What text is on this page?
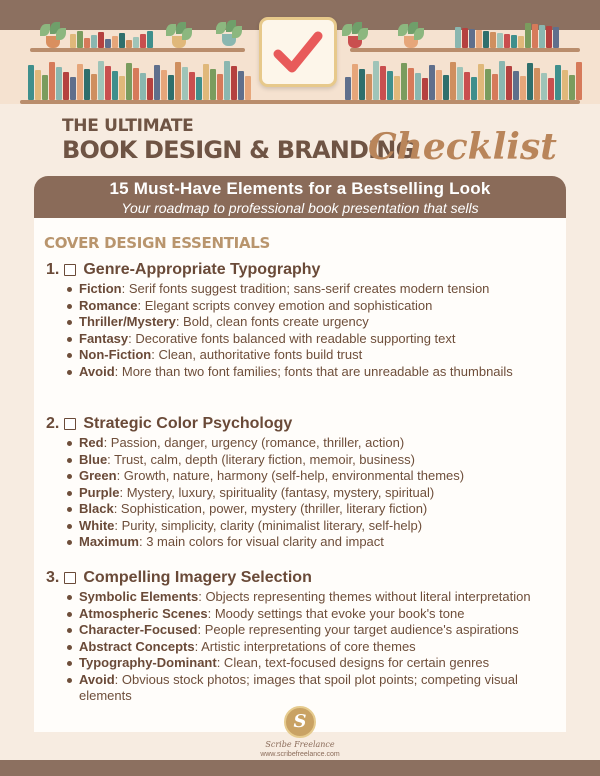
THE ULTIMATE
BOOK DESIGN & BRANDING
Checklist
15 Must-Have Elements for a Bestselling Look
Your roadmap to professional book presentation that sells
COVER DESIGN ESSENTIALS
1. Genre-Appropriate Typography
Fiction: Serif fonts suggest tradition; sans-serif creates modern tension
Romance: Elegant scripts convey emotion and sophistication
Thriller/Mystery: Bold, clean fonts create urgency
Fantasy: Decorative fonts balanced with readable supporting text
Non-Fiction: Clean, authoritative fonts build trust
Avoid: More than two font families; fonts that are unreadable as thumbnails
2. Strategic Color Psychology
Red: Passion, danger, urgency (romance, thriller, action)
Blue: Trust, calm, depth (literary fiction, memoir, business)
Green: Growth, nature, harmony (self-help, environmental themes)
Purple: Mystery, luxury, spirituality (fantasy, mystery, spiritual)
Black: Sophistication, power, mystery (thriller, literary fiction)
White: Purity, simplicity, clarity (minimalist literary, self-help)
Maximum: 3 main colors for visual clarity and impact
3. Compelling Imagery Selection
Symbolic Elements: Objects representing themes without literal interpretation
Atmospheric Scenes: Moody settings that evoke your book's tone
Character-Focused: People representing your target audience's aspirations
Abstract Concepts: Artistic interpretations of core themes
Typography-Dominant: Clean, text-focused designs for certain genres
Avoid: Obvious stock photos; images that spoil plot points; competing visual elements
S
Scribe Freelance
www.scribefreelance.com
